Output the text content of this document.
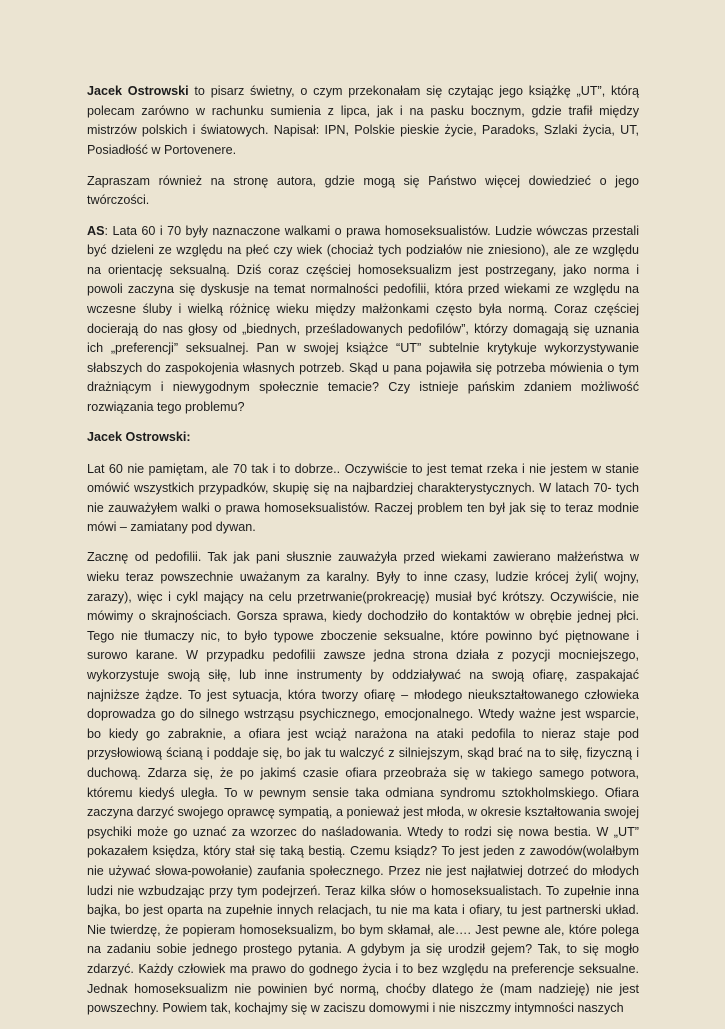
Jacek Ostrowski to pisarz świetny, o czym przekonałam się czytając jego książkę „UT”, którą polecam zarówno w rachunku sumienia z lipca, jak i na pasku bocznym, gdzie trafił między mistrzów polskich i światowych. Napisał: IPN, Polskie pieskie życie, Paradoks, Szlaki życia, UT, Posiadłość w Portovenere.

Zapraszam również na stronę autora, gdzie mogą się Państwo więcej dowiedzieć o jego twórczości.

AS: Lata 60 i 70 były naznaczone walkami o prawa homoseksualistów. Ludzie wówczas przestali być dzieleni ze względu na płeć czy wiek (chociaż tych podziałów nie zniesiono), ale ze względu na orientację seksualną. Dziś coraz częściej homoseksualizm jest postrzegany, jako norma i powoli zaczyna się dyskusje na temat normalności pedofilii, która przed wiekami ze względu na wczesne śluby i wielką różnicę wieku między małżonkami często była normą. Coraz częściej docierają do nas głosy od „biednych, prześladowanych pedofilów”, którzy domagają się uznania ich „preferencji” seksualnej. Pan w swojej książce “UT” subtelnie krytykuje wykorzystywanie słabszych do zaspokojenia własnych potrzeb. Skąd u pana pojawiła się potrzeba mówienia o tym drażniącym i niewygodnym społecznie temacie? Czy istnieje pańskim zdaniem możliwość rozwiązania tego problemu?

Jacek Ostrowski:

Lat 60 nie pamiętam, ale 70 tak i to dobrze.. Oczywiście to jest temat rzeka i nie jestem w stanie omówić wszystkich przypadków, skupię się na najbardziej charakterystycznych. W latach 70- tych nie zauważyłem walki o prawa homoseksualistów. Raczej problem ten był jak się to teraz modnie mówi – zamiatany pod dywan.

Zacznę od pedofilii. Tak jak pani słusznie zauważyła przed wiekami zawierano małżeństwa w wieku teraz powszechnie uważanym za karalny. Były to inne czasy, ludzie krócej żyli( wojny, zarazy), więc i cykl mający na celu przetrwanie(prokreację) musiał być krótszy. Oczywiście, nie mówimy o skrajnościach. Gorsza sprawa, kiedy dochodziło do kontaktów w obrębie jednej płci. Tego nie tłumaczy nic, to było typowe zboczenie seksualne, które powinno być piętnowane i surowo karane. W przypadku pedofilii zawsze jedna strona działa z pozycji mocniejszego, wykorzystuje swoją siłę, lub inne instrumenty by oddziaływać na swoją ofiarę, zaspakajać najniższe żądze. To jest sytuacja, która tworzy ofiarę – młodego nieukształtowanego człowieka doprowadza go do silnego wstrząsu psychicznego, emocjonalnego. Wtedy ważne jest wsparcie, bo kiedy go zabraknie, a ofiara jest wciąż narażona na ataki pedofila to nieraz staje pod przysłowiową ścianą i poddaje się, bo jak tu walczyć z silniejszym, skąd brać na to siłę, fizyczną i duchową. Zdarza się, że po jakimś czasie ofiara przeobraża się w takiego samego potwora, któremu kiedyś uległa. To w pewnym sensie taka odmiana syndromu sztokholmskiego. Ofiara zaczyna darzyć swojego oprawcę sympatią, a ponieważ jest młoda, w okresie kształtowania swojej psychiki może go uznać za wzorzec do naśladowania. Wtedy to rodzi się nowa bestia. W „UT” pokazałem księdza, który stał się taką bestią. Czemu ksiądz? To jest jeden z zawodów(wolałbym nie używać słowa-powołanie) zaufania społecznego. Przez nie jest najłatwiej dotrzeć do młodych ludzi nie wzbudzając przy tym podejrzeń. Teraz kilka słów o homoseksualistach. To zupełnie inna bajka, bo jest oparta na zupełnie innych relacjach, tu nie ma kata i ofiary, tu jest partnerski układ. Nie twierdzę, że popieram homoseksualizm, bo bym skłamał, ale…. Jest pewne ale, które polega na zadaniu sobie jednego prostego pytania. A gdybym ja się urodził gejem? Tak, to się mogło zdarzyć. Każdy człowiek ma prawo do godnego życia i to bez względu na preferencje seksualne. Jednak homoseksualizm nie powinien być normą, choćby dlatego że (mam nadzieję) nie jest powszechny. Powiem tak, kochajmy się w zaciszu domowymi i nie niszczmy intymności naszych
